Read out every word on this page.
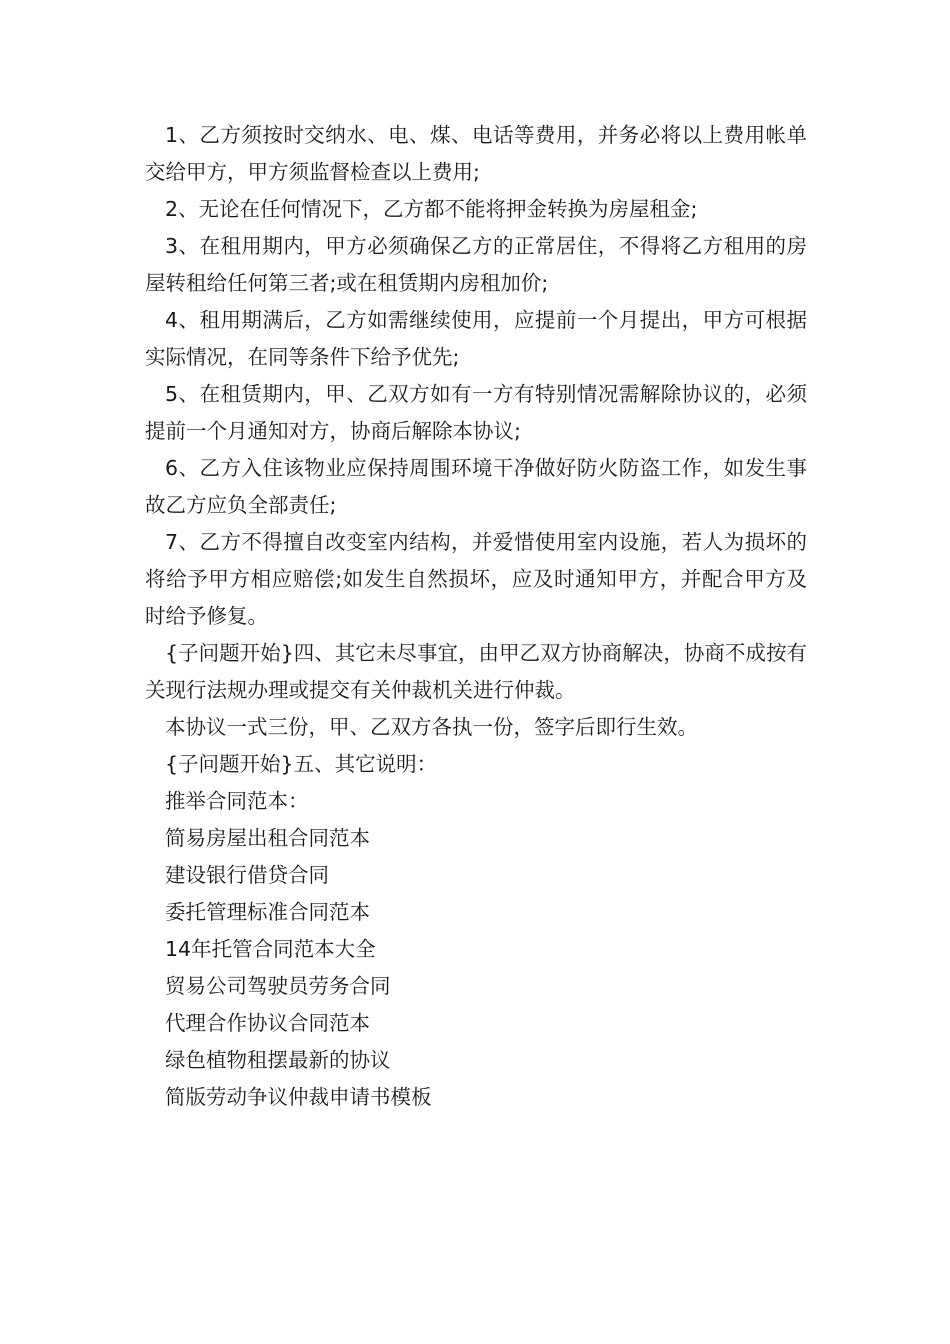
1、乙方须按时交纳水、电、煤、电话等费用，并务必将以上费用帐单交给甲方，甲方须监督检查以上费用;

2、无论在任何情况下，乙方都不能将押金转换为房屋租金;

3、在租用期内，甲方必须确保乙方的正常居住，不得将乙方租用的房屋转租给任何第三者;或在租赁期内房租加价;

4、租用期满后，乙方如需继续使用，应提前一个月提出，甲方可根据实际情况，在同等条件下给予优先;

5、在租赁期内，甲、乙双方如有一方有特别情况需解除协议的，必须提前一个月通知对方，协商后解除本协议;

6、乙方入住该物业应保持周围环境干净做好防火防盗工作，如发生事故乙方应负全部责任;

7、乙方不得擅自改变室内结构，并爱惜使用室内设施，若人为损坏的将给予甲方相应赔偿;如发生自然损坏，应及时通知甲方，并配合甲方及时给予修复。

{子问题开始}四、其它未尽事宜，由甲乙双方协商解决，协商不成按有关现行法规办理或提交有关仲裁机关进行仲裁。

本协议一式三份，甲、乙双方各执一份，签字后即行生效。

{子问题开始}五、其它说明：

推举合同范本：

简易房屋出租合同范本

建设银行借贷合同

委托管理标准合同范本

14年托管合同范本大全

贸易公司驾驶员劳务合同

代理合作协议合同范本

绿色植物租摆最新的协议

简版劳动争议仲裁申请书模板
